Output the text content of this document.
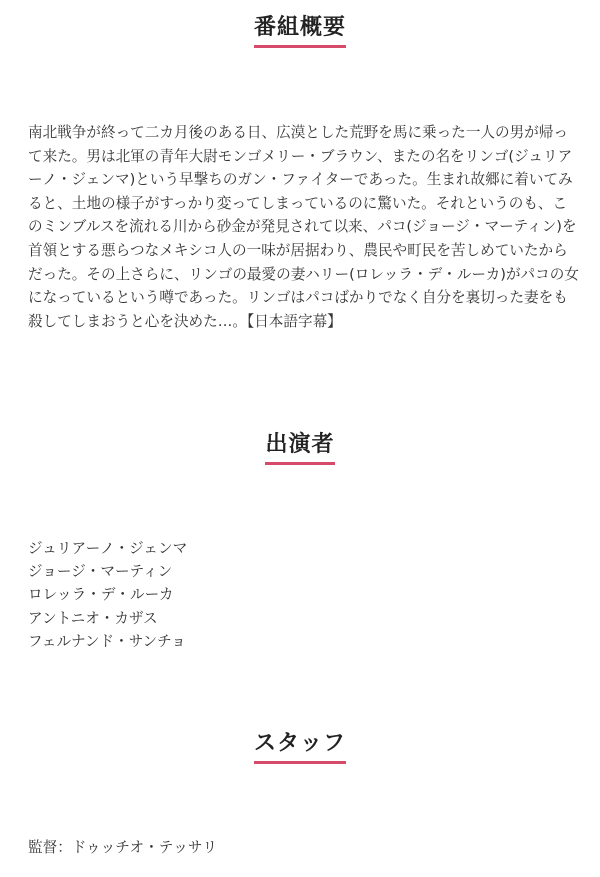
番組概要

南北戦争が終って二カ月後のある日、広漠とした荒野を馬に乗った一人の男が帰って来た。男は北軍の青年大尉モンゴメリー・ブラウン、またの名をリンゴ(ジュリアーノ・ジェンマ)という早撃ちのガン・ファイターであった。生まれ故郷に着いてみると、土地の様子がすっかり変ってしまっているのに驚いた。それというのも、このミンブルスを流れる川から砂金が発見されて以来、パコ(ジョージ・マーティン)を首領とする悪らつなメキシコ人の一味が居据わり、農民や町民を苦しめていたからだった。その上さらに、リンゴの最愛の妻ハリー(ロレッラ・デ・ルーカ)がパコの女になっているという噂であった。リンゴはパコばかりでなく自分を裏切った妻をも殺してしまおうと心を決めた…。【日本語字幕】

出演者
ジュリアーノ・ジェンマ
ジョージ・マーティン
ロレッラ・デ・ルーカ
アントニオ・カザス
フェルナンド・サンチョ
スタッフ
監督：ドゥッチオ・テッサリ
